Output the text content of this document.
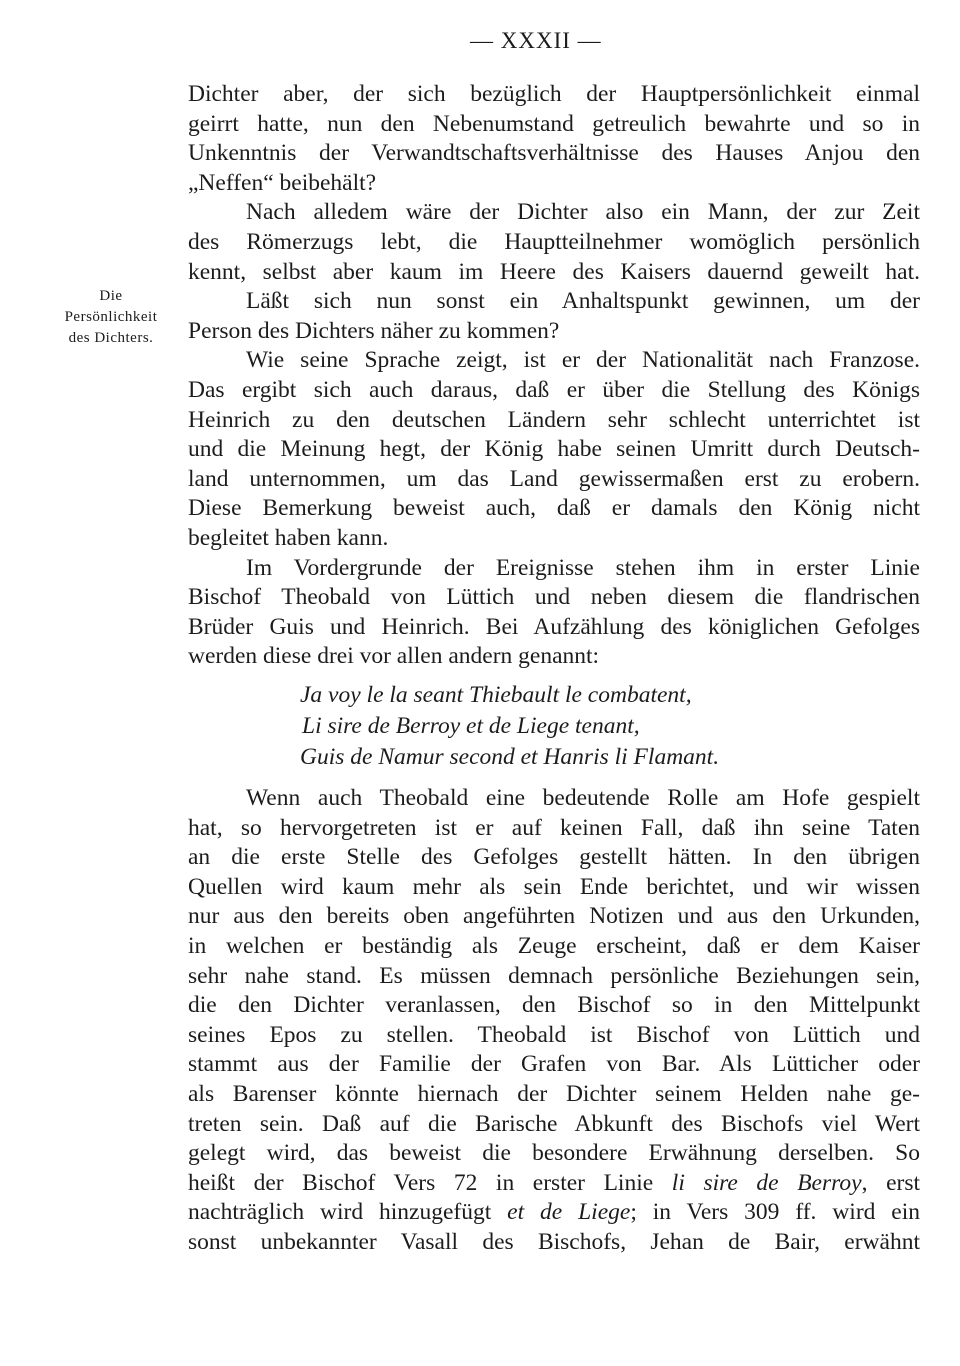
— XXXII —
Die
Persönlichkeit
des Dichters.
Dichter aber, der sich bezüglich der Hauptpersönlichkeit einmal
geirrt hatte, nun den Nebenumstand getreulich bewahrte und so in
Unkenntnis der Verwandtschaftsverhältnisse des Hauses Anjou den
„Neffen“ beibehält?
Nach alledem wäre der Dichter also ein Mann, der zur Zeit
des Römerzugs lebt, die Hauptteilnehmer womöglich persönlich
kennt, selbst aber kaum im Heere des Kaisers dauernd geweilt hat.
Läßt sich nun sonst ein Anhaltspunkt gewinnen, um der
Person des Dichters näher zu kommen?
Wie seine Sprache zeigt, ist er der Nationalität nach Franzose.
Das ergibt sich auch daraus, daß er über die Stellung des Königs
Heinrich zu den deutschen Ländern sehr schlecht unterrichtet ist
und die Meinung hegt, der König habe seinen Umritt durch Deutsch-
land unternommen, um das Land gewissermaßen erst zu erobern.
Diese Bemerkung beweist auch, daß er damals den König nicht
begleitet haben kann.
Im Vordergrunde der Ereignisse stehen ihm in erster Linie
Bischof Theobald von Lüttich und neben diesem die flandrischen
Brüder Guis und Heinrich. Bei Aufzählung des königlichen Gefolges
werden diese drei vor allen andern genannt:
Ja voy le la seant Thiebault le combatent,
Li sire de Berroy et de Liege tenant,
Guis de Namur second et Hanris li Flamant.
Wenn auch Theobald eine bedeutende Rolle am Hofe gespielt
hat, so hervorgetreten ist er auf keinen Fall, daß ihn seine Taten
an die erste Stelle des Gefolges gestellt hätten. In den übrigen
Quellen wird kaum mehr als sein Ende berichtet, und wir wissen
nur aus den bereits oben angeführten Notizen und aus den Urkunden,
in welchen er beständig als Zeuge erscheint, daß er dem Kaiser
sehr nahe stand. Es müssen demnach persönliche Beziehungen sein,
die den Dichter veranlassen, den Bischof so in den Mittelpunkt
seines Epos zu stellen. Theobald ist Bischof von Lüttich und
stammt aus der Familie der Grafen von Bar. Als Lütticher oder
als Barenser könnte hiernach der Dichter seinem Helden nahe ge-
treten sein. Daß auf die Barische Abkunft des Bischofs viel Wert
gelegt wird, das beweist die besondere Erwähnung derselben. So
heißt der Bischof Vers 72 in erster Linie li sire de Berroy, erst
nachträglich wird hinzugefügt et de Liege; in Vers 309 ff. wird ein
sonst unbekannter Vasall des Bischofs, Jehan de Bair, erwähnt
